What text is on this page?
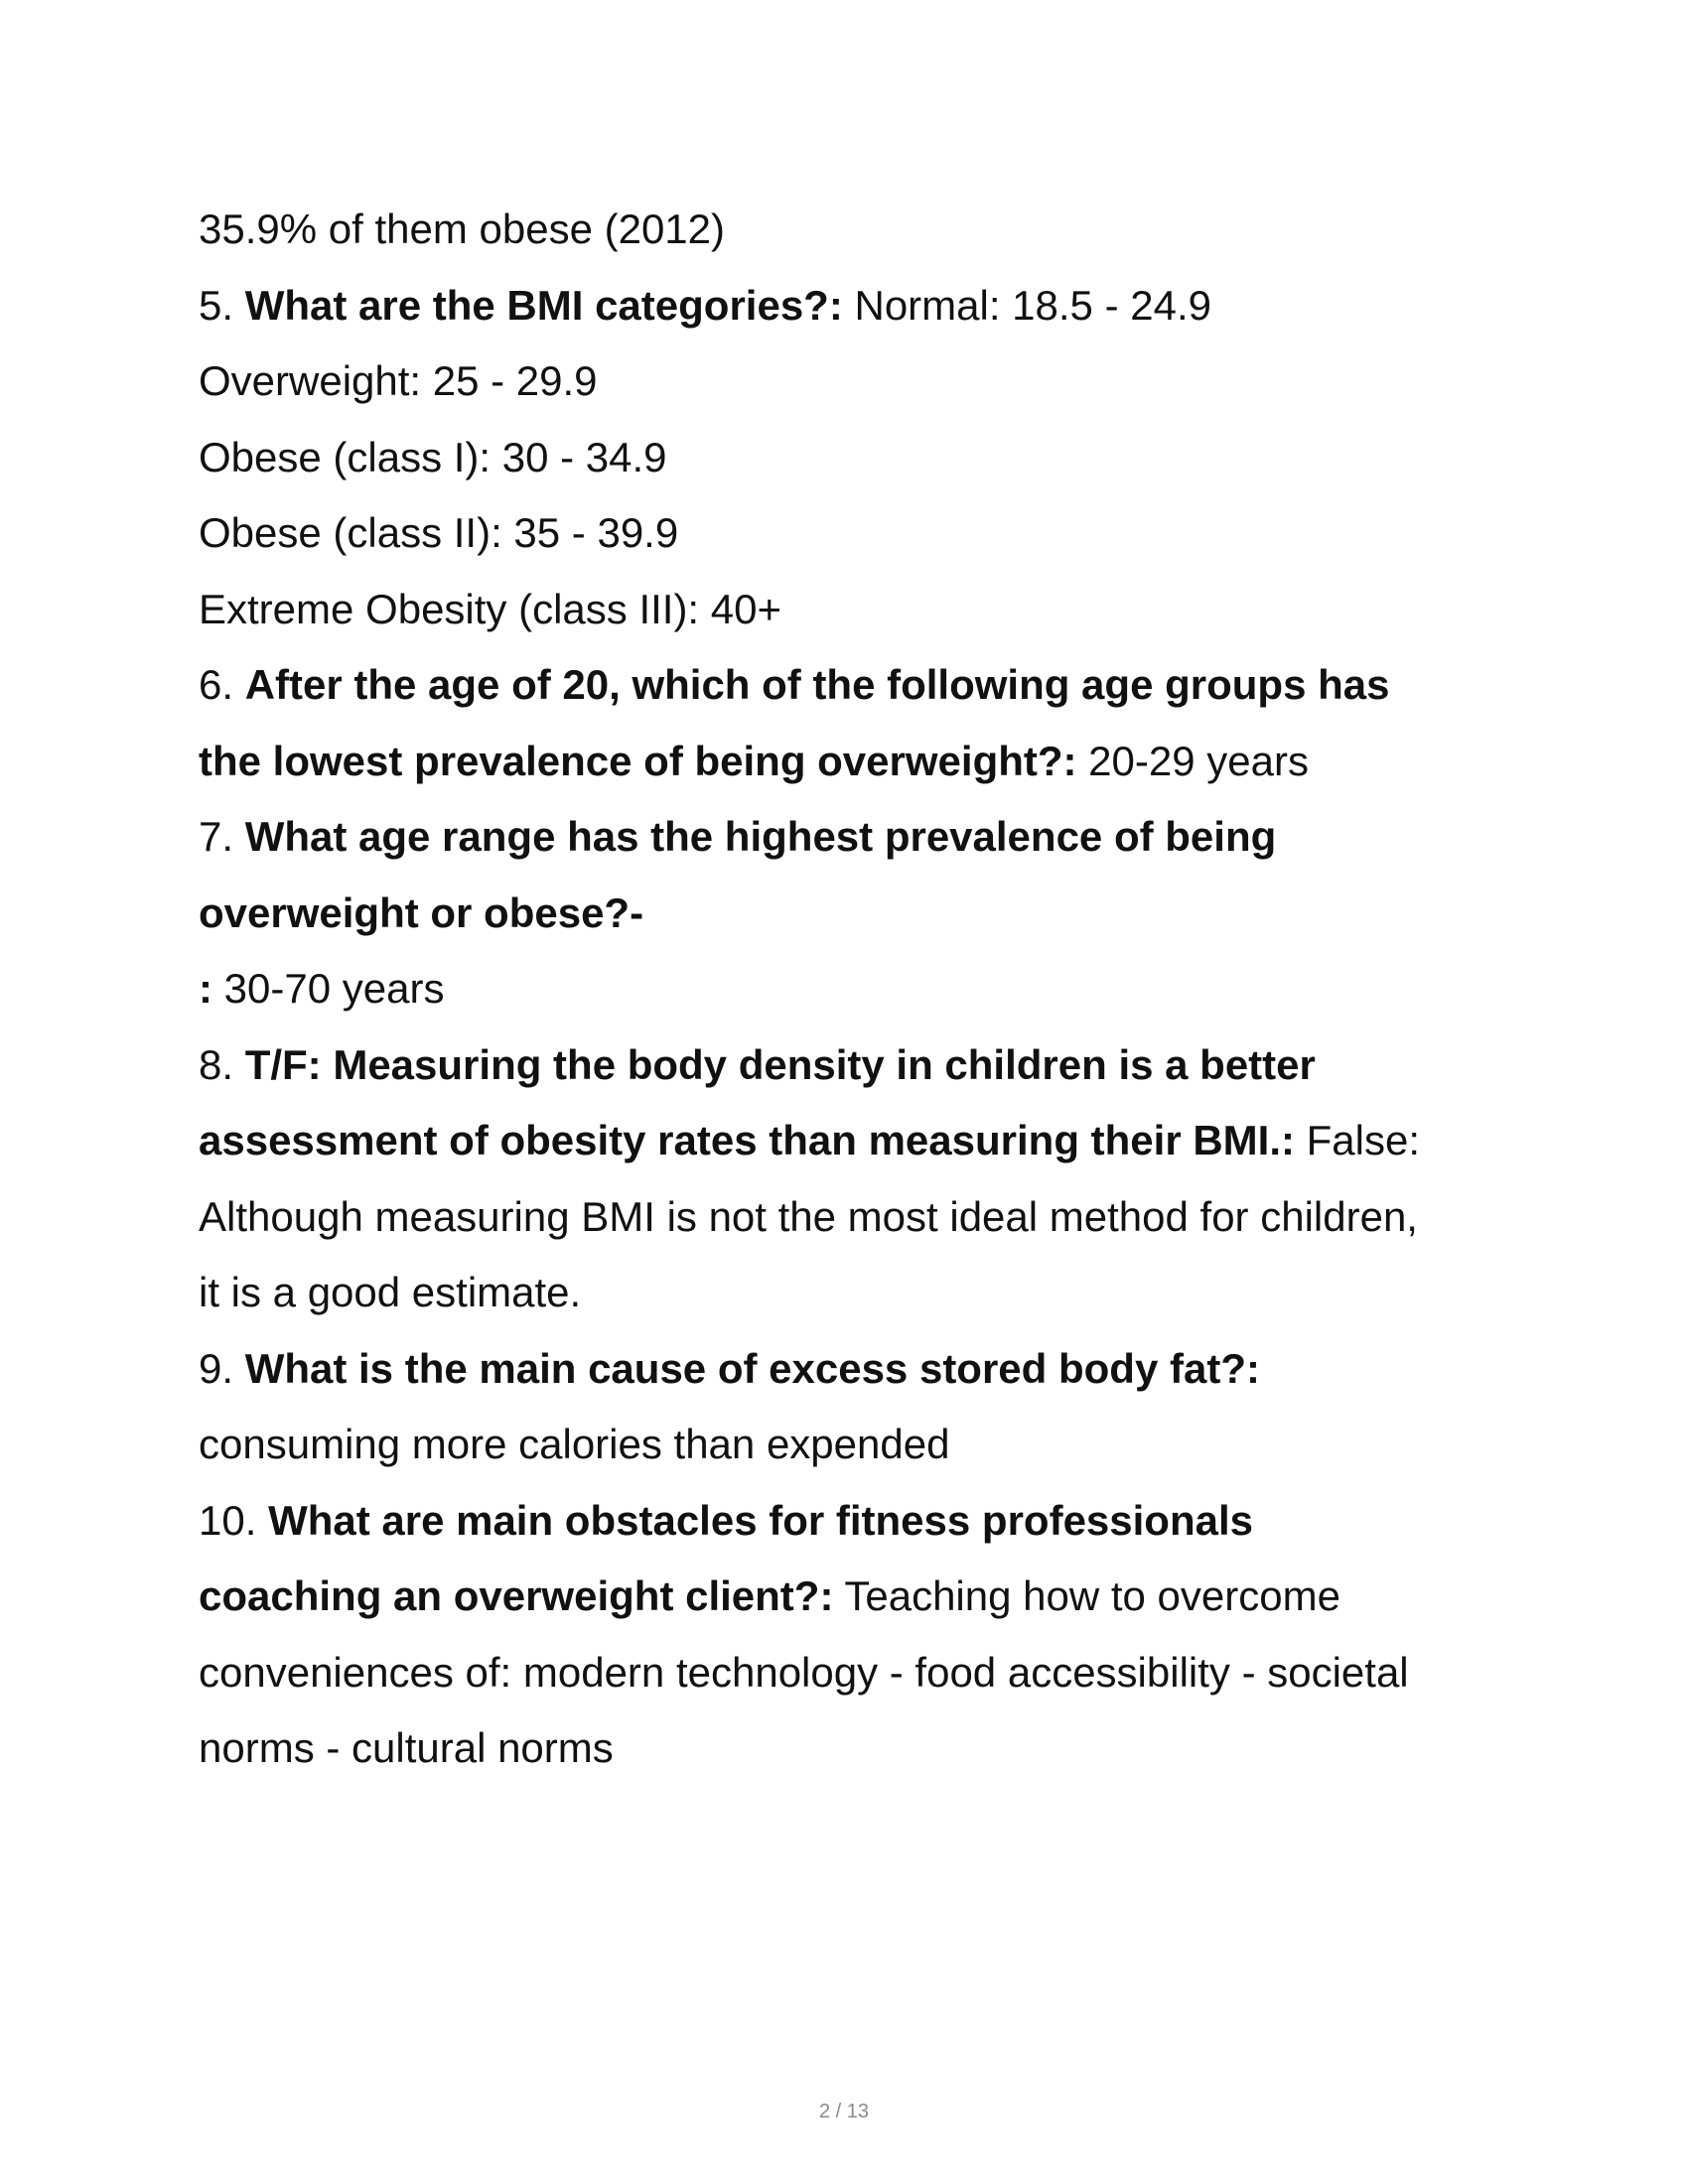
35.9% of them obese (2012)
5. What are the BMI categories?: Normal: 18.5 - 24.9
Overweight: 25 - 29.9
Obese (class I): 30 - 34.9
Obese (class II): 35 - 39.9
Extreme Obesity (class III): 40+
6. After the age of 20, which of the following age groups has
the lowest prevalence of being overweight?: 20-29 years
7. What age range has the highest prevalence of being
overweight or obese?-
: 30-70 years
8. T/F: Measuring the body density in children is a better
assessment of obesity rates than measuring their BMI.: False:
Although measuring BMI is not the most ideal method for children,
it is a good estimate.
9. What is the main cause of excess stored body fat?:
consuming more calories than expended
10. What are main obstacles for fitness professionals
coaching an overweight client?: Teaching how to overcome
conveniences of: modern technology - food accessibility - societal
norms - cultural norms
2 / 13
